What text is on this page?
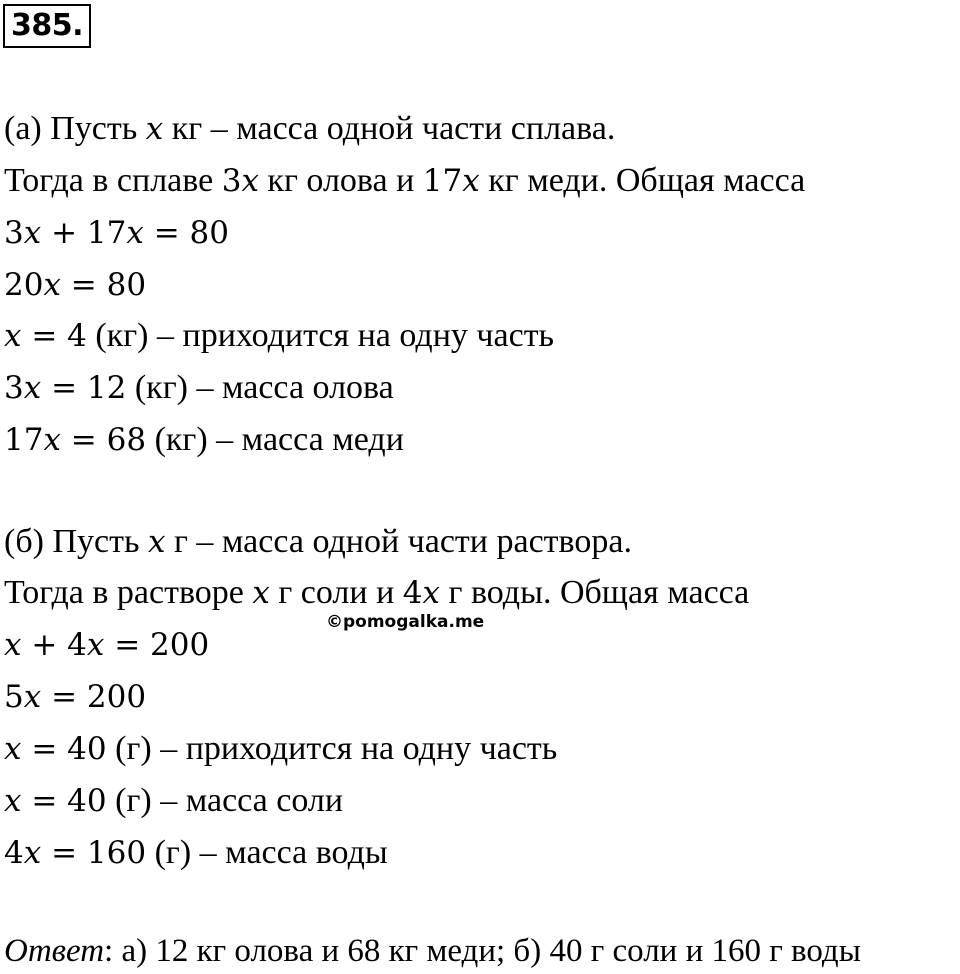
385.
(а) Пусть x кг – масса одной части сплава.
Тогда в сплаве 3x кг олова и 17x кг меди. Общая масса
3x + 17x = 80
20x = 80
x = 4 (кг) – приходится на одну часть
3x = 12 (кг) – масса олова
17x = 68 (кг) – масса меди
(б) Пусть x г – масса одной части раствора.
Тогда в растворе x г соли и 4x г воды. Общая масса
©pomogalka.me
x + 4x = 200
5x = 200
x = 40 (г) – приходится на одну часть
x = 40 (г) – масса соли
4x = 160 (г) – масса воды
Ответ: а) 12 кг олова и 68 кг меди; б) 40 г соли и 160 г воды
